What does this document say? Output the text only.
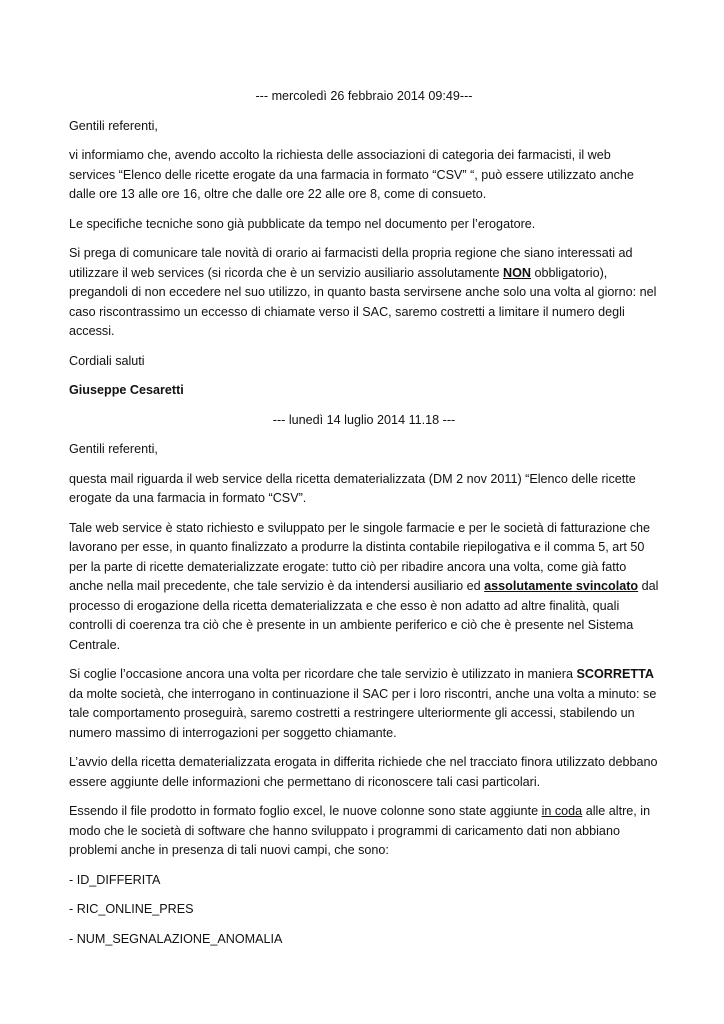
--- mercoledì 26 febbraio 2014 09:49---

Gentili referenti,

vi informiamo che, avendo accolto la richiesta delle associazioni di categoria dei farmacisti, il web services “Elenco delle ricette erogate da una farmacia in formato “CSV” “, può essere utilizzato anche dalle ore 13 alle ore 16, oltre che dalle ore 22 alle ore 8, come di consueto.

Le specifiche tecniche sono già pubblicate da tempo nel documento per l’erogatore.

Si prega di comunicare tale novità di orario ai farmacisti della propria regione che siano interessati ad utilizzare il web services (si ricorda che è un servizio ausiliario assolutamente NON obbligatorio), pregandoli di non eccedere nel suo utilizzo, in quanto basta servirsene anche solo una volta al giorno: nel caso riscontrassimo un eccesso di chiamate verso il SAC, saremo costretti a limitare il numero degli accessi.

Cordiali saluti

Giuseppe Cesaretti
--- lunedì 14 luglio 2014 11.18 ---

Gentili referenti,

questa mail riguarda il web service della ricetta dematerializzata (DM 2 nov 2011) “Elenco delle ricette erogate da una farmacia in formato “CSV”.

Tale web service è stato richiesto e sviluppato per le singole farmacie e per le società di fatturazione che lavorano per esse, in quanto finalizzato a produrre la distinta contabile riepilogativa e il comma 5, art 50 per la parte di ricette dematerializzate erogate: tutto ciò per ribadire ancora una volta, come già fatto anche nella mail precedente, che tale servizio è da intendersi ausiliario ed assolutamente svincolato dal processo di erogazione della ricetta dematerializzata e che esso è non adatto ad altre finalità, quali controlli di coerenza tra ciò che è presente in un ambiente periferico e ciò che è presente nel Sistema Centrale.

Si coglie l’occasione ancora una volta per ricordare che tale servizio è utilizzato in maniera SCORRETTA da molte società, che interrogano in continuazione il SAC per i loro riscontri, anche una volta a minuto: se tale comportamento proseguirà, saremo costretti a restringere ulteriormente gli accessi, stabilendo un numero massimo di interrogazioni per soggetto chiamante.

L’avvio della ricetta dematerializzata erogata in differita richiede che nel tracciato finora utilizzato debbano essere aggiunte delle informazioni che permettano di riconoscere tali casi particolari.

Essendo il file prodotto in formato foglio excel, le nuove colonne sono state aggiunte in coda alle altre, in modo che le società di software che hanno sviluppato i programmi di caricamento dati non abbiano problemi anche in presenza di tali nuovi campi, che sono:

- ID_DIFFERITA
- RIC_ONLINE_PRES
- NUM_SEGNALAZIONE_ANOMALIA
